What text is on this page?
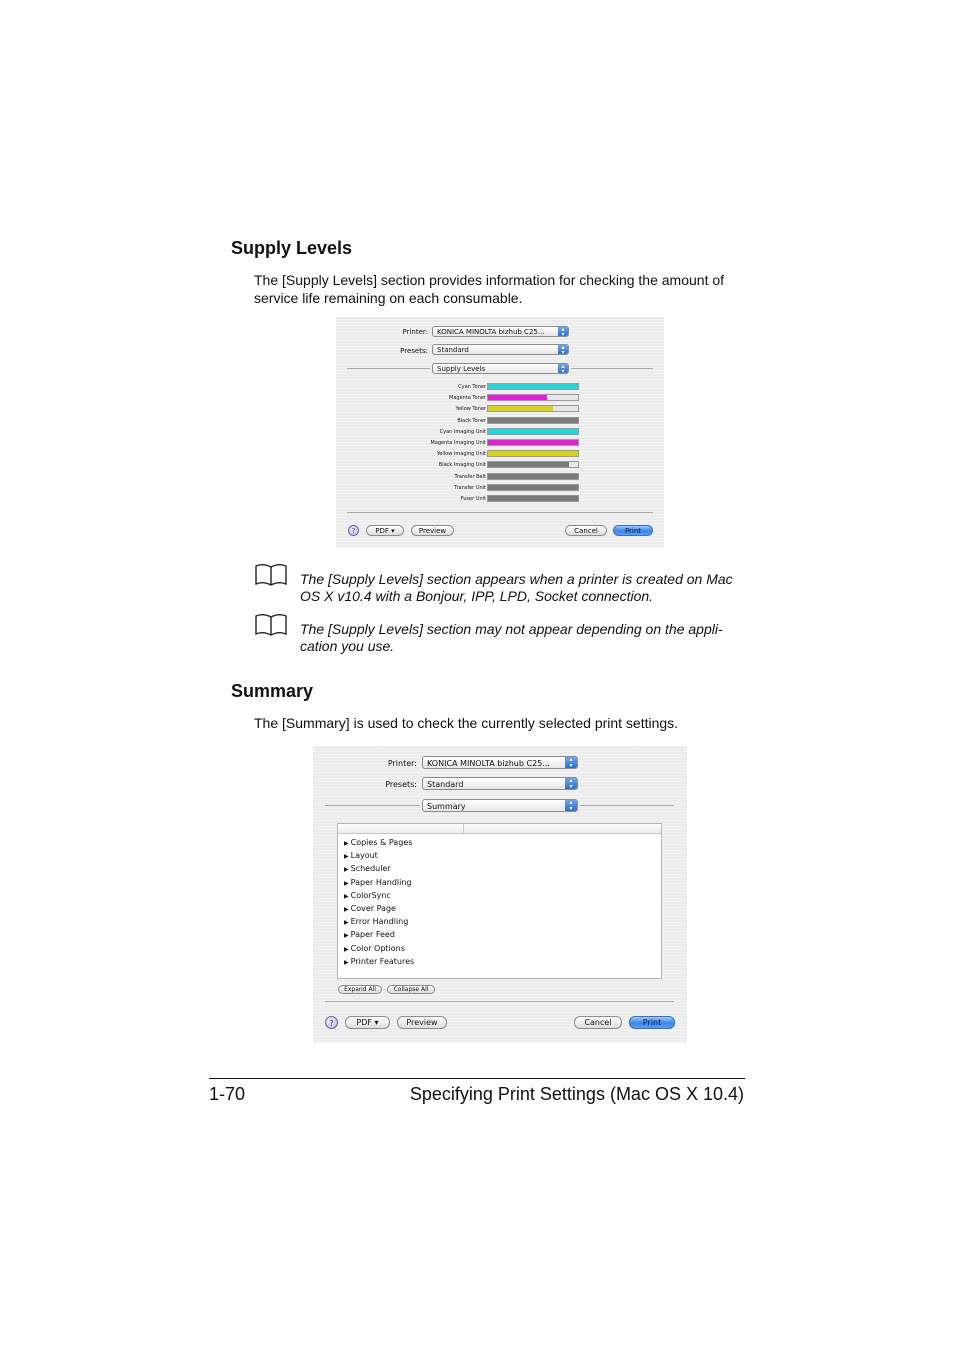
Supply Levels
The [Supply Levels] section provides information for checking the amount of
service life remaining on each consumable.
Printer:	KONICA MINOLTA bizhub C25...	▴
▾
Presets:	Standard	▴
▾
Supply Levels	▴
▾
Cyan Toner
Magenta Toner
Yellow Toner
Black Toner
Cyan Imaging Unit
Magenta Imaging Unit
Yellow Imaging Unit
Black Imaging Unit
Transfer Belt
Transfer Unit
Fuser Unit
?	PDF ▾	Preview	Cancel	Print
The [Supply Levels] section appears when a printer is created on Mac
OS X v10.4 with a Bonjour, IPP, LPD, Socket connection.
The [Supply Levels] section may not appear depending on the appli-
cation you use.
Summary
The [Summary] is used to check the currently selected print settings.
Printer:	KONICA MINOLTA bizhub C25...	▴
▾
Presets:	Standard	▴
▾
Summary	▴
▾
▶ Copies & Pages
▶ Layout
▶ Scheduler
▶ Paper Handling
▶ ColorSync
▶ Cover Page
▶ Error Handling
▶ Paper Feed
▶ Color Options
▶ Printer Features
Expand All	Collapse All
?	PDF ▾	Preview	Cancel	Print
1-70	Specifying Print Settings (Mac OS X 10.4)
